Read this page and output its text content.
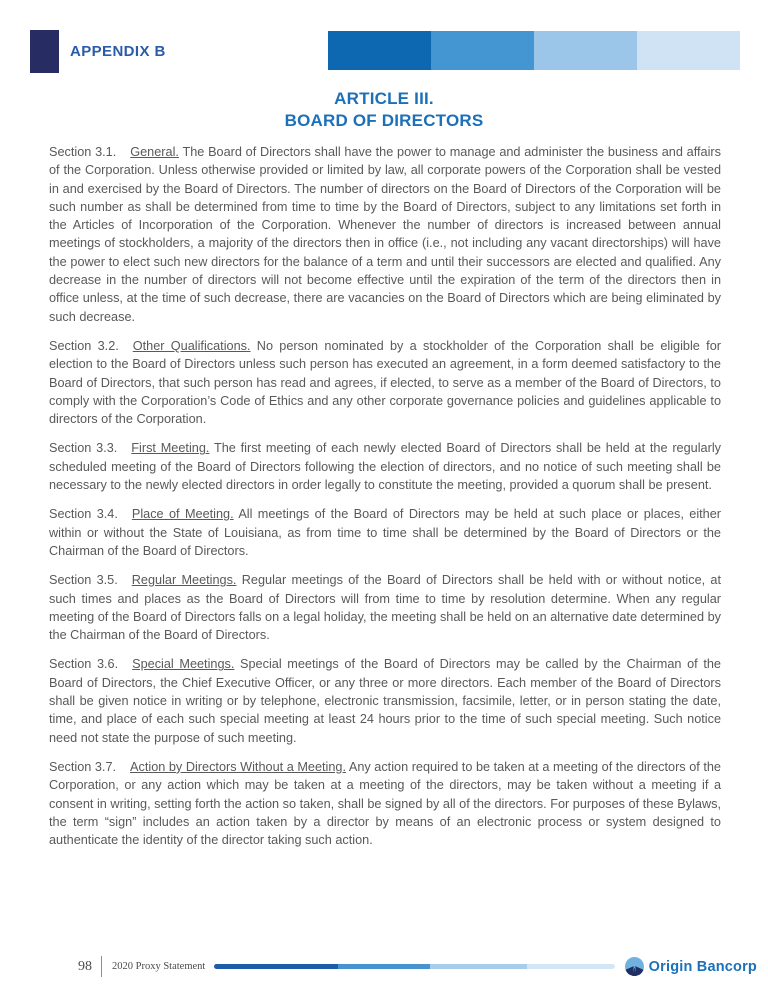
APPENDIX B
ARTICLE III.
BOARD OF DIRECTORS

Section 3.1. General. The Board of Directors shall have the power to manage and administer the business and affairs of the Corporation. Unless otherwise provided or limited by law, all corporate powers of the Corporation shall be vested in and exercised by the Board of Directors. The number of directors on the Board of Directors of the Corporation will be such number as shall be determined from time to time by the Board of Directors, subject to any limitations set forth in the Articles of Incorporation of the Corporation. Whenever the number of directors is increased between annual meetings of stockholders, a majority of the directors then in office (i.e., not including any vacant directorships) will have the power to elect such new directors for the balance of a term and until their successors are elected and qualified. Any decrease in the number of directors will not become effective until the expiration of the term of the directors then in office unless, at the time of such decrease, there are vacancies on the Board of Directors which are being eliminated by such decrease.

Section 3.2. Other Qualifications. No person nominated by a stockholder of the Corporation shall be eligible for election to the Board of Directors unless such person has executed an agreement, in a form deemed satisfactory to the Board of Directors, that such person has read and agrees, if elected, to serve as a member of the Board of Directors, to comply with the Corporation’s Code of Ethics and any other corporate governance policies and guidelines applicable to directors of the Corporation.

Section 3.3. First Meeting. The first meeting of each newly elected Board of Directors shall be held at the regularly scheduled meeting of the Board of Directors following the election of directors, and no notice of such meeting shall be necessary to the newly elected directors in order legally to constitute the meeting, provided a quorum shall be present.

Section 3.4. Place of Meeting. All meetings of the Board of Directors may be held at such place or places, either within or without the State of Louisiana, as from time to time shall be determined by the Board of Directors or the Chairman of the Board of Directors.

Section 3.5. Regular Meetings. Regular meetings of the Board of Directors shall be held with or without notice, at such times and places as the Board of Directors will from time to time by resolution determine. When any regular meeting of the Board of Directors falls on a legal holiday, the meeting shall be held on an alternative date determined by the Chairman of the Board of Directors.

Section 3.6. Special Meetings. Special meetings of the Board of Directors may be called by the Chairman of the Board of Directors, the Chief Executive Officer, or any three or more directors. Each member of the Board of Directors shall be given notice in writing or by telephone, electronic transmission, facsimile, letter, or in person stating the date, time, and place of each such special meeting at least 24 hours prior to the time of such special meeting. Such notice need not state the purpose of such meeting.

Section 3.7. Action by Directors Without a Meeting. Any action required to be taken at a meeting of the directors of the Corporation, or any action which may be taken at a meeting of the directors, may be taken without a meeting if a consent in writing, setting forth the action so taken, shall be signed by all of the directors. For purposes of these Bylaws, the term “sign” includes an action taken by a director by means of an electronic process or system designed to authenticate the identity of the director taking such action.

98 2020 Proxy Statement	Origin Bancorp
